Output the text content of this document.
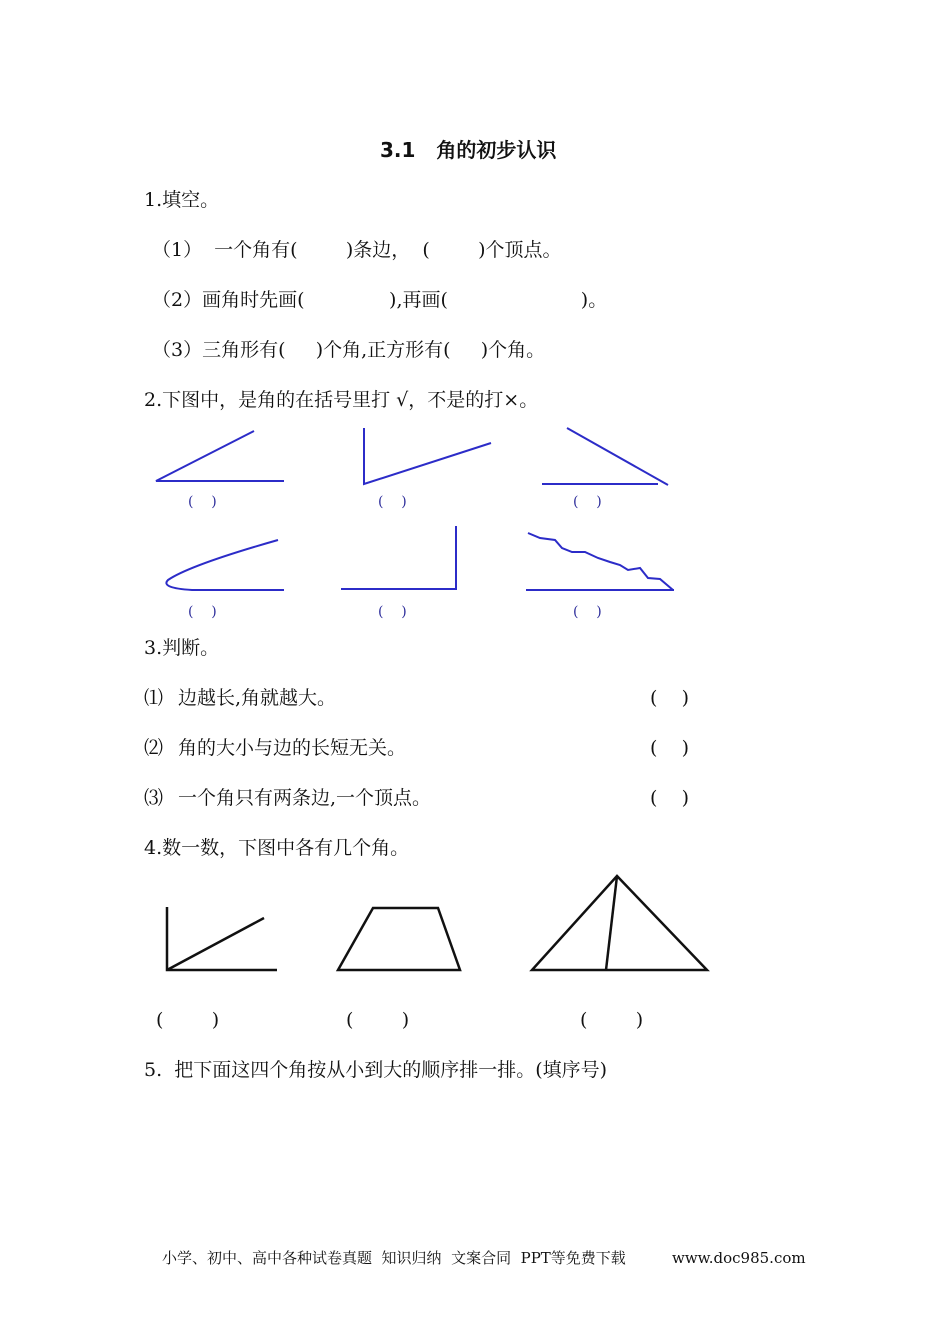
3.1   角的初步认识
1.填空。
（1）  一个角有(        )条边，  (        )个顶点。
（2）画角时先画(              ),再画(                      )。
（3）三角形有(     )个角,正方形有(     )个角。
2.下图中，是角的在括号里打 √，不是的打×。
(    )	(    )	(    )
(    )	(    )	(    )
3.判断。
⑴ 边越长,角就越大。	(    )
⑵ 角的大小与边的长短无关。	(    )
⑶ 一个角只有两条边,一个顶点。	(    )
4.数一数，下图中各有几个角。
(        )	(        )	(        )
5.  把下面这四个角按从小到大的顺序排一排。(填序号)
小学、初中、高中各种试卷真题  知识归纳  文案合同  PPT等免费下载	www.doc985.com
